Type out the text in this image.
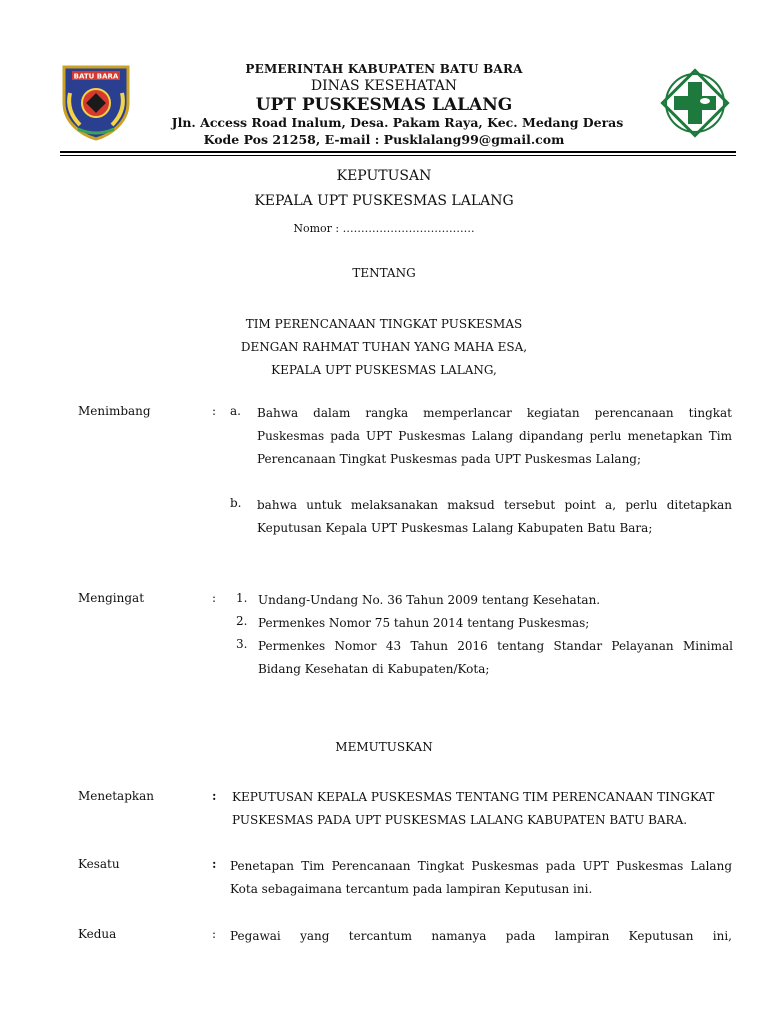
BATU BARA
PEMERINTAH KABUPATEN BATU BARA
DINAS KESEHATAN
UPT PUSKESMAS LALANG
Jln. Access Road Inalum, Desa. Pakam Raya, Kec. Medang Deras
Kode Pos 21258, E-mail : Pusklalang99@gmail.com
KEPUTUSAN
KEPALA UPT PUSKESMAS LALANG
Nomor : ………………………………
TENTANG
TIM PERENCANAAN TINGKAT PUSKESMAS
DENGAN RAHMAT TUHAN YANG MAHA ESA,
KEPALA UPT PUSKESMAS LALANG,
Menimbang	: a. Bahwa dalam rangka memperlancar kegiatan perencanaan tingkat Puskesmas pada UPT Puskesmas Lalang dipandang perlu menetapkan Tim Perencanaan Tingkat Puskesmas pada UPT Puskesmas Lalang;
b. bahwa untuk melaksanakan maksud tersebut point a, perlu ditetapkan Keputusan Kepala UPT Puskesmas Lalang Kabupaten Batu Bara;
Mengingat	: 1. Undang-Undang No. 36 Tahun 2009 tentang Kesehatan.
2. Permenkes Nomor 75 tahun 2014 tentang Puskesmas;
3. Permenkes Nomor 43 Tahun 2016 tentang Standar Pelayanan Minimal Bidang Kesehatan di Kabupaten/Kota;
MEMUTUSKAN
Menetapkan	: KEPUTUSAN KEPALA PUSKESMAS TENTANG TIM PERENCANAAN TINGKAT PUSKESMAS PADA UPT PUSKESMAS LALANG KABUPATEN BATU BARA.
Kesatu	: Penetapan Tim Perencanaan Tingkat Puskesmas pada UPT Puskesmas Lalang Kota sebagaimana tercantum pada lampiran Keputusan ini.
Kedua	: Pegawai yang tercantum namanya pada lampiran Keputusan ini,
